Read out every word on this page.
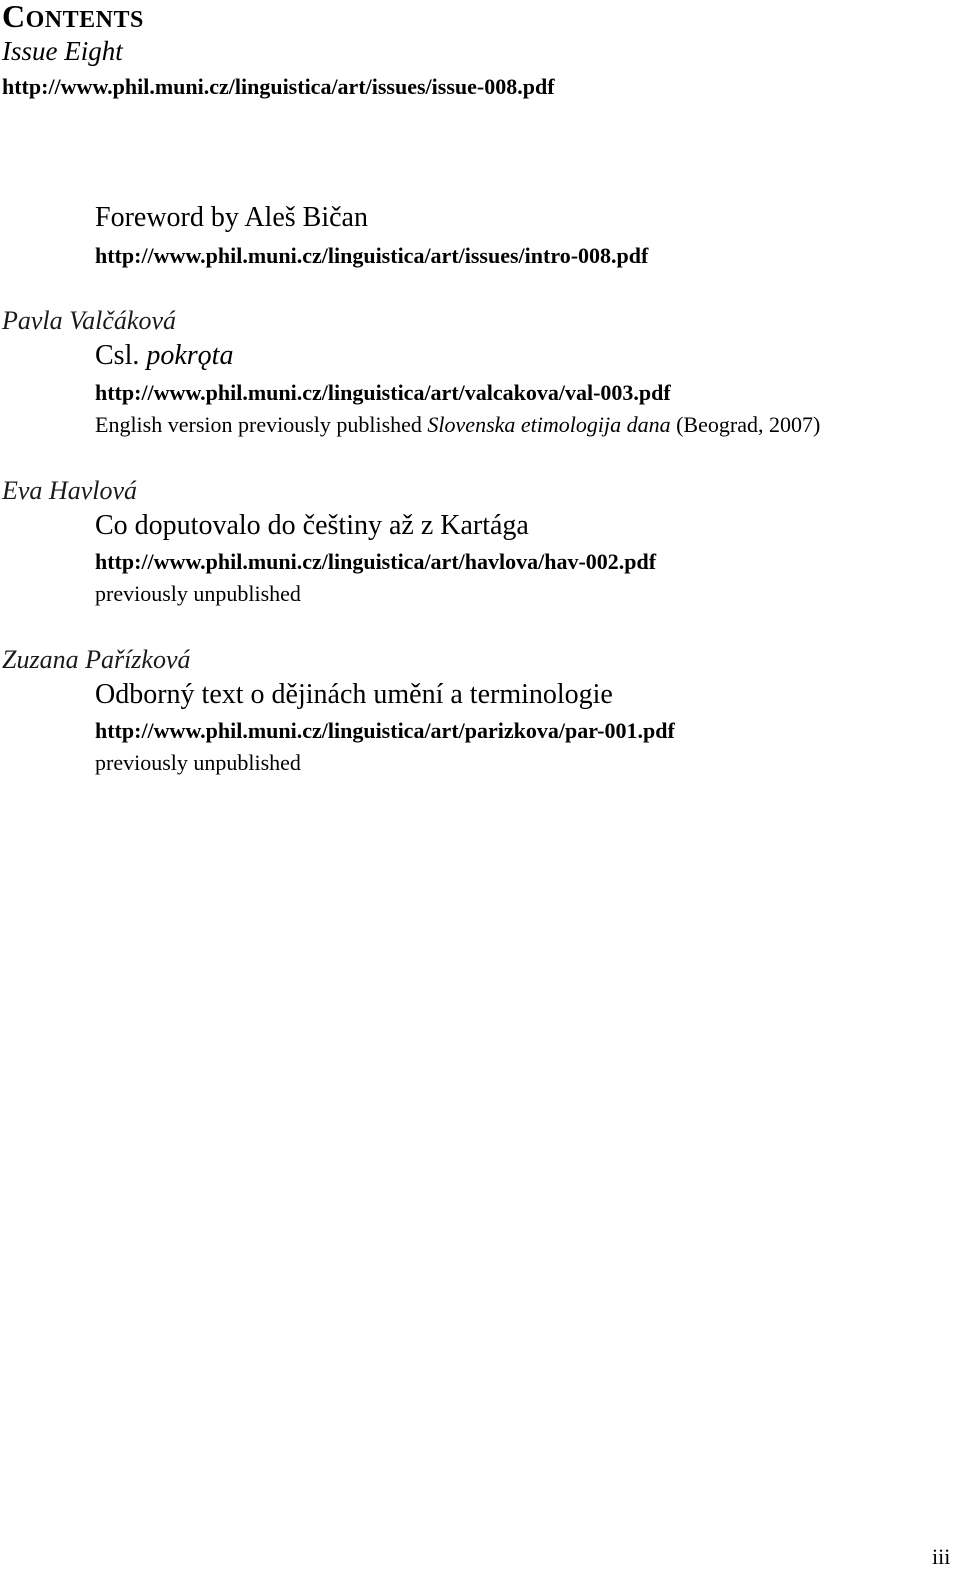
CONTENTS
Issue Eight
http://www.phil.muni.cz/linguistica/art/issues/issue-008.pdf
Foreword by Aleš Bičan
http://www.phil.muni.cz/linguistica/art/issues/intro-008.pdf
Pavla Valčáková
Csl. pokrǫta
http://www.phil.muni.cz/linguistica/art/valcakova/val-003.pdf
English version previously published Slovenska etimologija dana (Beograd, 2007)
Eva Havlová
Co doputovalo do češtiny až z Kartága
http://www.phil.muni.cz/linguistica/art/havlova/hav-002.pdf
previously unpublished
Zuzana Pařízková
Odborný text o dějinách umění a terminologie
http://www.phil.muni.cz/linguistica/art/parizkova/par-001.pdf
previously unpublished
iii
